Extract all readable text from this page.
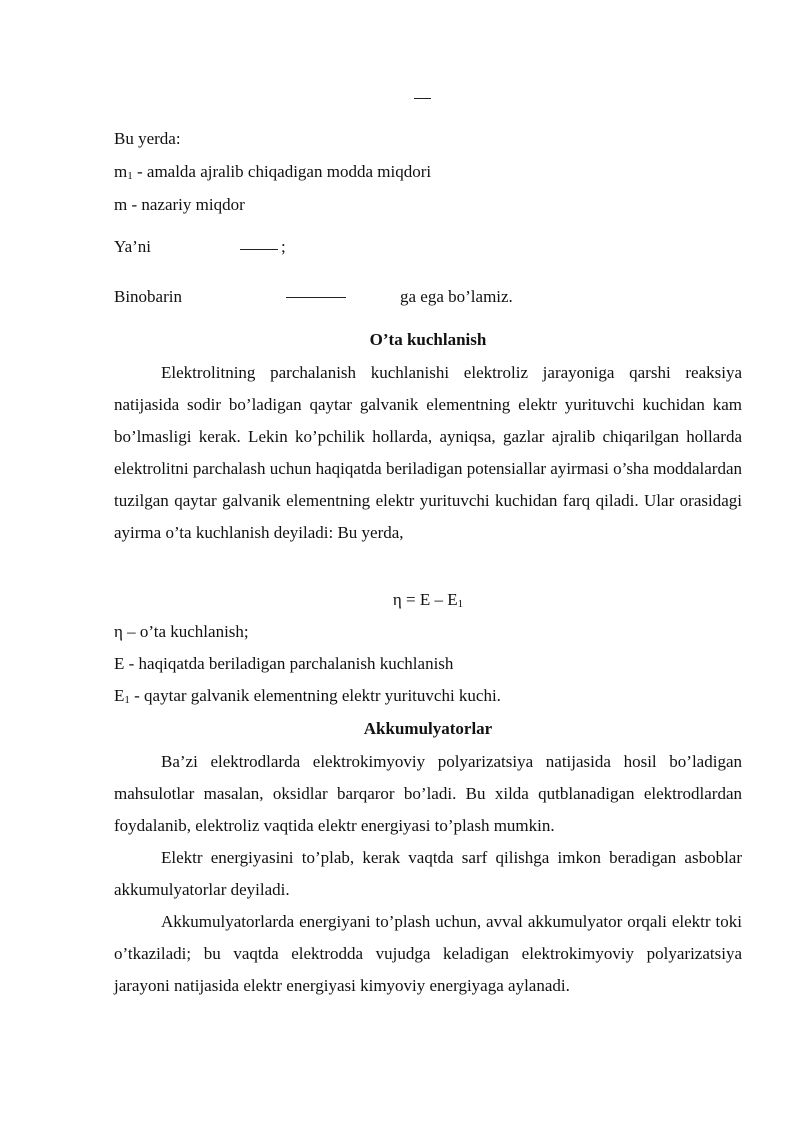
Bu yerda:
$m_1$ - amalda ajralib chiqadigan modda miqdori
m - nazariy miqdor
Ya’ni	;
Binobarin	ga ega bo’lamiz.
O’ta kuchlanish
Elektrolitning parchalanish kuchlanishi elektroliz jarayoniga qarshi reaksiya natijasida sodir bo’ladigan qaytar galvanik elementning elektr yurituvchi kuchidan kam bo’lmasligi kerak. Lekin ko’pchilik hollarda, ayniqsa, gazlar ajralib chiqarilgan hollarda elektrolitni parchalash uchun haqiqatda beriladigan potensiallar ayirmasi o’sha moddalardan tuzilgan qaytar galvanik elementning elektr yurituvchi kuchidan farq qiladi. Ular orasidagi ayirma o’ta kuchlanish deyiladi: Bu yerda,
$\eta = E - E_1$
η – o’ta kuchlanish;
E - haqiqatda beriladigan parchalanish kuchlanish
$E_1$ - qaytar galvanik elementning elektr yurituvchi kuchi.
Akkumulyatorlar
Ba’zi elektrodlarda elektrokimyoviy polyarizatsiya natijasida hosil bo’ladigan mahsulotlar masalan, oksidlar barqaror bo’ladi. Bu xilda qutblanadigan elektrodlardan foydalanib, elektroliz vaqtida elektr energiyasi to’plash mumkin.
Elektr energiyasini to’plab, kerak vaqtda sarf qilishga imkon beradigan asboblar akkumulyatorlar deyiladi.
Akkumulyatorlarda energiyani to’plash uchun, avval akkumulyator orqali elektr toki o’tkaziladi; bu vaqtda elektrodda vujudga keladigan elektrokimyoviy polyarizatsiya jarayoni natijasida elektr energiyasi kimyoviy energiyaga aylanadi.
